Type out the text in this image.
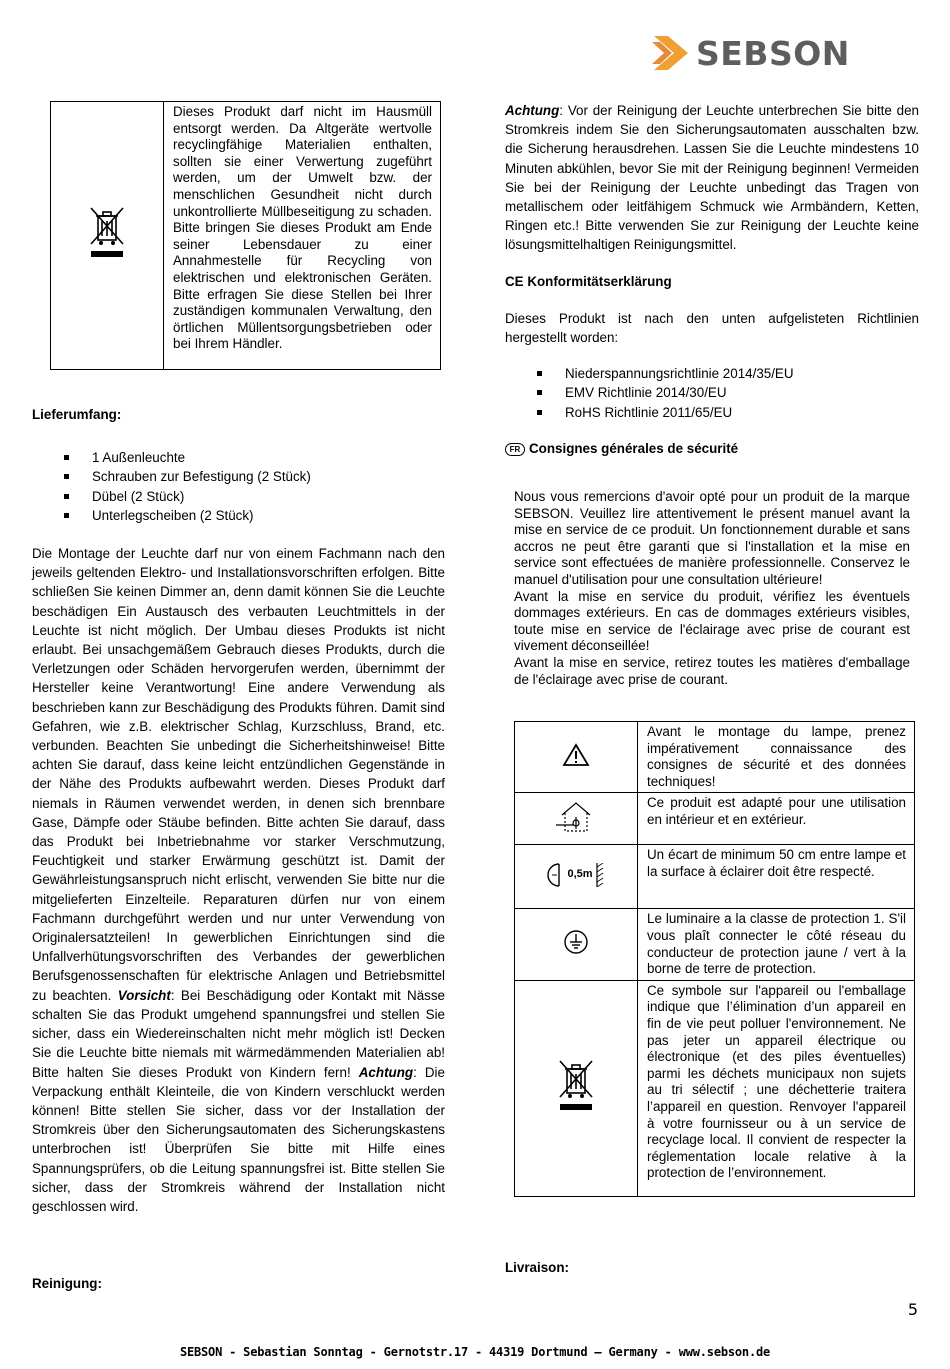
SEBSON
	Dieses Produkt darf nicht im Hausmüll entsorgt werden. Da Altgeräte wertvolle recyclingfähige Materialien enthalten, sollten sie einer Verwertung zugeführt werden, um der Umwelt bzw. der menschlichen Gesundheit nicht durch unkontrollierte Müllbeseitigung zu schaden. Bitte bringen Sie dieses Produkt am Ende seiner Lebensdauer zu einer Annahmestelle für Recycling von elektrischen und elektronischen Geräten. Bitte erfragen Sie diese Stellen bei Ihrer zuständigen kommunalen Verwaltung, den örtlichen Müllentsorgungsbetrieben oder bei Ihrem Händler.
Lieferumfang:
1 Außenleuchte
Schrauben zur Befestigung (2 Stück)
Dübel (2 Stück)
Unterlegscheiben (2 Stück)

Die Montage der Leuchte darf nur von einem Fachmann nach den jeweils geltenden Elektro- und Installationsvorschriften erfolgen. Bitte schließen Sie keinen Dimmer an, denn damit können Sie die Leuchte beschädigen Ein Austausch des verbauten Leuchtmittels in der Leuchte ist nicht möglich. Der Umbau dieses Produkts ist nicht erlaubt. Bei unsachgemäßem Gebrauch dieses Produkts, durch die Verletzungen oder Schäden hervorgerufen werden, übernimmt der Hersteller keine Verantwortung! Eine andere Verwendung als beschrieben kann zur Beschädigung des Produkts führen. Damit sind Gefahren, wie z.B. elektrischer Schlag, Kurzschluss, Brand, etc. verbunden. Beachten Sie unbedingt die Sicherheitshinweise! Bitte achten Sie darauf, dass keine leicht entzündlichen Gegenstände in der Nähe des Produkts aufbewahrt werden. Dieses Produkt darf niemals in Räumen verwendet werden, in denen sich brennbare Gase, Dämpfe oder Stäube befinden. Bitte achten Sie darauf, dass das Produkt bei Inbetriebnahme vor starker Verschmutzung, Feuchtigkeit und starker Erwärmung geschützt ist. Damit der Gewährleistungsanspruch nicht erlischt, verwenden Sie bitte nur die mitgelieferten Einzelteile. Reparaturen dürfen nur von einem Fachmann durchgeführt werden und nur unter Verwendung von Originalersatzteilen! In gewerblichen Einrichtungen sind die Unfallverhütungsvorschriften des Verbandes der gewerblichen Berufsgenossenschaften für elektrische Anlagen und Betriebsmittel zu beachten. Vorsicht: Bei Beschädigung oder Kontakt mit Nässe schalten Sie das Produkt umgehend spannungsfrei und stellen Sie sicher, dass ein Wiedereinschalten nicht mehr möglich ist! Decken Sie die Leuchte bitte niemals mit wärmedämmenden Materialien ab! Bitte halten Sie dieses Produkt von Kindern fern! Achtung: Die Verpackung enthält Kleinteile, die von Kindern verschluckt werden können! Bitte stellen Sie sicher, dass vor der Installation der Stromkreis über den Sicherungsautomaten des Sicherungskastens unterbrochen ist! Überprüfen Sie bitte mit Hilfe eines Spannungsprüfers, ob die Leitung spannungsfrei ist. Bitte stellen Sie sicher, dass der Stromkreis während der Installation nicht geschlossen wird.

Reinigung:

Achtung: Vor der Reinigung der Leuchte unterbrechen Sie bitte den Stromkreis indem Sie den Sicherungsautomaten ausschalten bzw. die Sicherung herausdrehen. Lassen Sie die Leuchte mindestens 10 Minuten abkühlen, bevor Sie mit der Reinigung beginnen! Vermeiden Sie bei der Reinigung der Leuchte unbedingt das Tragen von metallischem oder leitfähigem Schmuck wie Armbändern, Ketten, Ringen etc.! Bitte verwenden Sie zur Reinigung der Leuchte keine lösungsmittelhaltigen Reinigungsmittel.

CE Konformitätserklärung

Dieses Produkt ist nach den unten aufgelisteten Richtlinien hergestellt worden:

Niederspannungsrichtlinie 2014/35/EU
EMV Richtlinie 2014/30/EU
RoHS Richtlinie 2011/65/EU
FR Consignes générales de sécurité

Nous vous remercions d'avoir opté pour un produit de la marque SEBSON. Veuillez lire attentivement le présent manuel avant la mise en service de ce produit. Un fonctionnement durable et sans accros ne peut être garanti que si l'installation et la mise en service sont effectuées de manière professionnelle. Conservez le manuel d'utilisation pour une consultation ultérieure!

Avant la mise en service du produit, vérifiez les éventuels dommages extérieurs. En cas de dommages extérieurs visibles, toute mise en service de l'éclairage avec prise de courant est vivement déconseillée!

Avant la mise en service, retirez toutes les matières d'emballage de l'éclairage avec prise de courant.

	Avant le montage du lampe, prenez impérativement connaissance des consignes de sécurité et des données techniques!
	Ce produit est adapté pour une utilisation en intérieur et en extérieur.

0,5m	Un écart de minimum 50 cm entre lampe et la surface à éclairer doit être respecté.
	Le luminaire a la classe de protection 1. S'il vous plaît connecter le côté réseau du conducteur de protection jaune / vert à la borne de terre de protection.
	Ce symbole sur l'appareil ou l'emballage indique que l’élimination d’un appareil en fin de vie peut polluer l'environnement. Ne pas jeter un appareil électrique ou électronique (et des piles éventuelles) parmi les déchets municipaux non sujets au tri sélectif ; une déchetterie traitera l’appareil en question. Renvoyer l'appareil à votre fournisseur ou à un service de recyclage local. Il convient de respecter la réglementation locale relative à la protection de l’environnement.
Livraison:
5
SEBSON - Sebastian Sonntag - Gernotstr.17 - 44319 Dortmund – Germany - www.sebson.de
